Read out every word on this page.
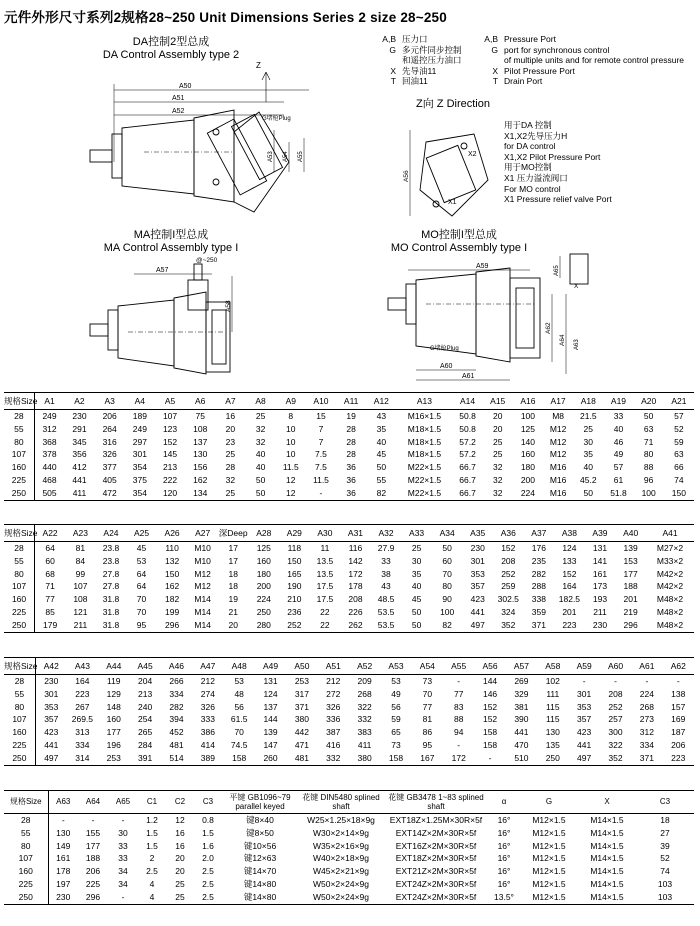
元件外形尺寸系列2规格28~250 Unit Dimensions Series 2 size 28~250
DA控制2型总成
DA Control Assembly type 2
Z向 Z Direction
MA控制I型总成
MA Control Assembly type I
MO控制I型总成
MO Control Assembly type I
A,B 压力口	A,B Pressure Port
G 多元件同步控制	G port for synchronous control
和遥控压力油口	of multiple units and for remote control pressure
X 先导油11	X Pilot Pressure Port
T 回油11	T Drain Port
用于DA 控制
X1,X2先导压力H
for DA control
X1,X2 Pilot Pressure Port
用于MO控制
X1 压力溢流阀口
For MO control
X1 Pressure relief valve Port
A50
A51
A52
Z
G堵枪Plug
A53 A54 A55
A56
X2
X1
@~250
A57
A58
A59
G堵枪Plug
A62
A64
A60
A61
X
A65
A63
规格Size	A1	A2	A3	A4	A5	A6	A7	A8	A9	A10	A11	A12	A13	A14	A15	A16	A17	A18	A19	A20	A21
28	249	230	206	189	107	75	16	25	8	15	19	43	M16×1.5	50.8	20	100	M8	21.5	33	50	57
55	312	291	264	249	123	108	20	32	10	7	28	35	M18×1.5	50.8	20	125	M12	25	40	63	52
80	368	345	316	297	152	137	23	32	10	7	28	40	M18×1.5	57.2	25	140	M12	30	46	71	59
107	378	356	326	301	145	130	25	40	10	7.5	28	45	M18×1.5	57.2	25	160	M12	35	49	80	63
160	440	412	377	354	213	156	28	40	11.5	7.5	36	50	M22×1.5	66.7	32	180	M16	40	57	88	66
225	468	441	405	375	222	162	32	50	12	11.5	36	55	M22×1.5	66.7	32	200	M16	45.2	61	96	74
250	505	411	472	354	120	134	25	50	12	-	36	82	M22×1.5	66.7	32	224	M16	50	51.8	100	150
规格Size	A22	A23	A24	A25	A26	A27	深Deep	A28	A29	A30	A31	A32	A33	A34	A35	A36	A37	A38	A39	A40	A41
28	64	81	23.8	45	110	M10	17	125	118	11	116	27.9	25	50	230	152	176	124	131	139	M27×2
55	60	84	23.8	53	132	M10	17	160	150	13.5	142	33	30	60	301	208	235	133	141	153	M33×2
80	68	99	27.8	64	150	M12	18	180	165	13.5	172	38	35	70	353	252	282	152	161	177	M42×2
107	71	107	27.8	64	162	M12	18	200	190	17.5	178	43	40	80	357	259	288	164	173	188	M42×2
160	77	108	31.8	70	182	M14	19	224	210	17.5	208	48.5	45	90	423	302.5	338	182.5	193	201	M48×2
225	85	121	31.8	70	199	M14	21	250	236	22	226	53.5	50	100	441	324	359	201	211	219	M48×2
250	179	211	31.8	95	296	M14	20	280	252	22	262	53.5	50	82	497	352	371	223	230	296	M48×2
规格Size	A42	A43	A44	A45	A46	A47	A48	A49	A50	A51	A52	A53	A54	A55	A56	A57	A58	A59	A60	A61	A62
28	230	164	119	204	266	212	53	131	253	212	209	53	73	-	144	269	102	-	-	-	-
55	301	223	129	213	334	274	48	124	317	272	268	49	70	77	146	329	111	301	208	224	138
80	353	267	148	240	282	326	56	137	371	326	322	56	77	83	152	381	115	353	252	268	157
107	357	269.5	160	254	394	333	61.5	144	380	336	332	59	81	88	152	390	115	357	257	273	169
160	423	313	177	265	452	386	70	139	442	387	383	65	86	94	158	441	130	423	300	312	187
225	441	334	196	284	481	414	74.5	147	471	416	411	73	95	-	158	470	135	441	322	334	206
250	497	314	253	391	514	389	158	260	481	332	380	158	167	172	-	510	250	497	352	371	223
规格Size	A63	A64	A65	C1	C2	C3	平键 GB1096~79 parallel keyed	花键 DIN5480 splined shaft	花键 GB3478 1~83 splined shaft	α	G	X	C3
28	-	-	-	1.2	12	0.8	键8×40	W25×1.25×18×9g	EXT18Z×1.25M×30R×5f	16°	M12×1.5	M14×1.5	18
55	130	155	30	1.5	16	1.5	键8×50	W30×2×14×9g	EXT14Z×2M×30R×5f	16°	M12×1.5	M14×1.5	27
80	149	177	33	1.5	16	1.6	键10×56	W35×2×16×9g	EXT16Z×2M×30R×5f	16°	M12×1.5	M14×1.5	39
107	161	188	33	2	20	2.0	键12×63	W40×2×18×9g	EXT18Z×2M×30R×5f	16°	M12×1.5	M14×1.5	52
160	178	206	34	2.5	20	2.5	键14×70	W45×2×21×9g	EXT21Z×2M×30R×5f	16°	M12×1.5	M14×1.5	74
225	197	225	34	4	25	2.5	键14×80	W50×2×24×9g	EXT24Z×2M×30R×5f	16°	M12×1.5	M14×1.5	103
250	230	296	-	4	25	2.5	键14×80	W50×2×24×9g	EXT24Z×2M×30R×5f	13.5°	M12×1.5	M14×1.5	103
